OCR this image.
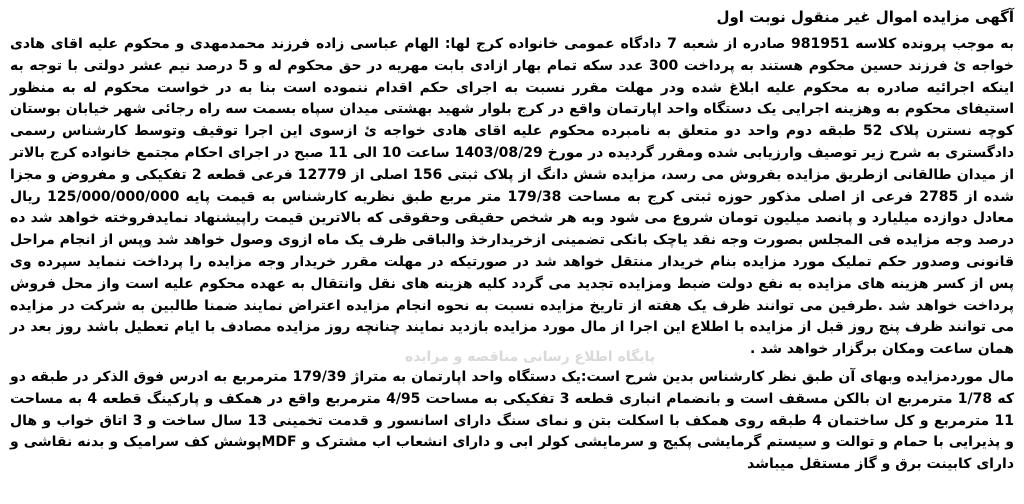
آگهی مزایده اموال غیر منقول نوبت اول

به موجب پرونده کلاسه 981951 صادره از شعبه 7 دادگاه عمومی خانواده کرج لها: الهام عباسی زاده فرزند محمدمهدی و محکوم علیه اقای هادی خواجه ئ فرزند حسین محکوم هستند به پرداخت 300 عدد سکه تمام بهار ازادی بابت مهریه در حق محکوم له و 5 درصد نیم عشر دولتی با توجه به اینکه اجرائیه صادره به محکوم علیه ابلاغ شده ودر مهلت مقرر نسبت به اجرای حکم اقدام ننموده است بنا به در خواست محکوم له به منظور استیفای محکوم به وهزینه اجرایی یک دستگاه واحد اپارتمان واقع در کرج بلوار شهید بهشتی میدان سپاه بسمت سه راه رجائی شهر خیابان بوستان کوچه نسترن پلاک 52 طبقه دوم واحد دو متعلق به نامبرده محکوم علیه اقای هادی خواجه ئ ازسوی این اجرا توقیف وتوسط کارشناس رسمی دادگستری به شرح زیر توصیف وارزیابی شده ومقرر گردیده در مورخ 1403/08/29 ساعت 10 الی 11 صبح در اجرای احکام مجتمع خانواده کرج بالاتر از میدان طالقانی ازطریق مزایده بفروش می رسد، مزایده شش دانگ از پلاک ثبتی 156 اصلی از 12779 فرعی قطعه 2 تفکیکی و مفروض و مجزا شده از 2785 فرعی از اصلی مذکور حوزه ثبتی کرج به مساحت 179/38 متر مربع طبق نظریه کارشناس به قیمت پایه 125/000/000/000 ریال معادل دوازده میلیارد و پانصد میلیون تومان شروع می شود وبه هر شخص حقیقی وحقوقی که بالاترین قیمت راپیشنهاد نمایدفروخته خواهد شد ده درصد وجه مزایده فی المجلس بصورت وجه نقد یاچک بانکی تضمینی ازخریدارخذ والباقی ظرف یک ماه ازوی وصول خواهد شد وپس از انجام مراحل قانونی وصدور حکم تملیک مورد مزایده بنام خریدار منتقل خواهد شد در صورتیکه در مهلت مقرر خریدار وجه مزایده را پرداخت ننماید سپرده وی پس از کسر هزینه های مزایده به نفع دولت ضبط ومزایده تجدید می گردد کلیه هزینه های نقل وانتقال به عهده محکوم علیه است واز محل فروش پرداخت خواهد شد .طرفین می توانند ظرف یک هفته از تاریخ مزایده نسبت به نحوه انجام مزایده اعتراض نمایند ضمنا طالبین به شرکت در مزایده می توانند ظرف پنج روز قبل از مزایده با اطلاع این اجرا از مال مورد مزایده بازدید نمایند چنانچه روز مزایده مصادف با ایام تعطیل باشد روز بعد در همان ساعت ومکان برگزار خواهد شد .

مال موردمزایده وبهای آن طبق نظر کارشناس بدین شرح است:یک دستگاه واحد اپارتمان به متراژ 179/39 مترمربع به ادرس فوق الذکر در طبقه دو که 1/78 مترمربع ان بالکن مسقف است و بانضمام انباری قطعه 3 تفکیکی به مساحت 4/95 مترمربع واقع در همکف و پارکینگ قطعه 4 به مساحت 11 مترمربع و کل ساختمان 4 طبقه روی همکف با اسکلت بتن و نمای سنگ دارای اسانسور و قدمت تخمینی 13 سال ساخت و 3 اتاق خواب و هال و پذیرایی با حمام و توالت و سیستم گرمایشی پکیج و سرمایشی کولر ابی و دارای انشعاب اب مشترک و MDFپوشش کف سرامیک و بدنه نقاشی و دارای کابینت برق و گاز مستقل میباشد

پایگاه اطلاع رسانی مناقصه و مزایده
